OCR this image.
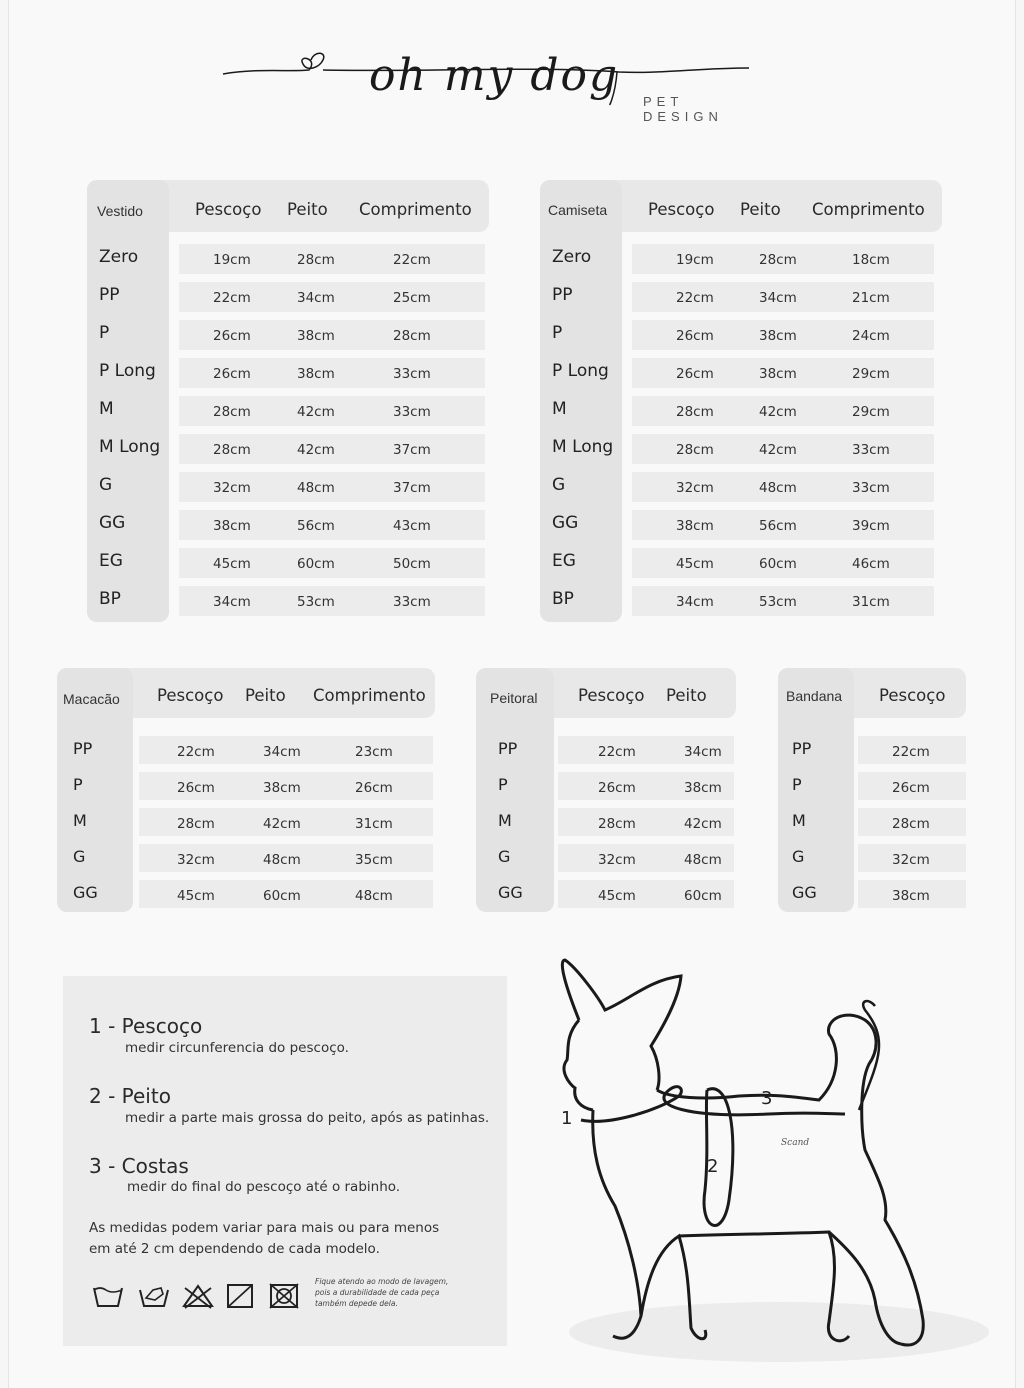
oh my dog
PET DESIGN
Vestido	Pescoço Peito Comprimento
Zero	19cm	28cm	22cm
PP	22cm	34cm	25cm
P	26cm	38cm	28cm
P Long	26cm	38cm	33cm
M	28cm	42cm	33cm
M Long	28cm	42cm	37cm
G	32cm	48cm	37cm
GG	38cm	56cm	43cm
EG	45cm	60cm	50cm
BP	34cm	53cm	33cm
Camiseta Pescoço Peito Comprimento
Zero	19cm	28cm	18cm
PP	22cm	34cm	21cm
P	26cm	38cm	24cm
P Long	26cm	38cm	29cm
M	28cm	42cm	29cm
M Long	28cm	42cm	33cm
G	32cm	48cm	33cm
GG	38cm	56cm	39cm
EG	45cm	60cm	46cm
BP	34cm	53cm	31cm
Macacão Pescoço Peito Comprimento
PP	22cm	34cm	23cm
P	26cm	38cm	26cm
M	28cm	42cm	31cm
G	32cm	48cm	35cm
GG	45cm	60cm	48cm
Peitoral Pescoço Peito
PP	22cm	34cm
P	26cm	38cm
M	28cm	42cm
G	32cm	48cm
GG	45cm	60cm
Bandana Pescoço
PP	22cm
P	26cm
M	28cm
G	32cm
GG	38cm
1 - Pescoço
medir circunferencia do pescoço.
2 - Peito
medir a parte mais grossa do peito, após as patinhas.
3 - Costas
medir do final do pescoço até o rabinho.
As medidas podem variar para mais ou para menos
em até 2 cm dependendo de cada modelo.
Fique atendo ao modo de lavagem,
pois a durabilidade de cada peça
também depede dela.
1
2
3
Scand
